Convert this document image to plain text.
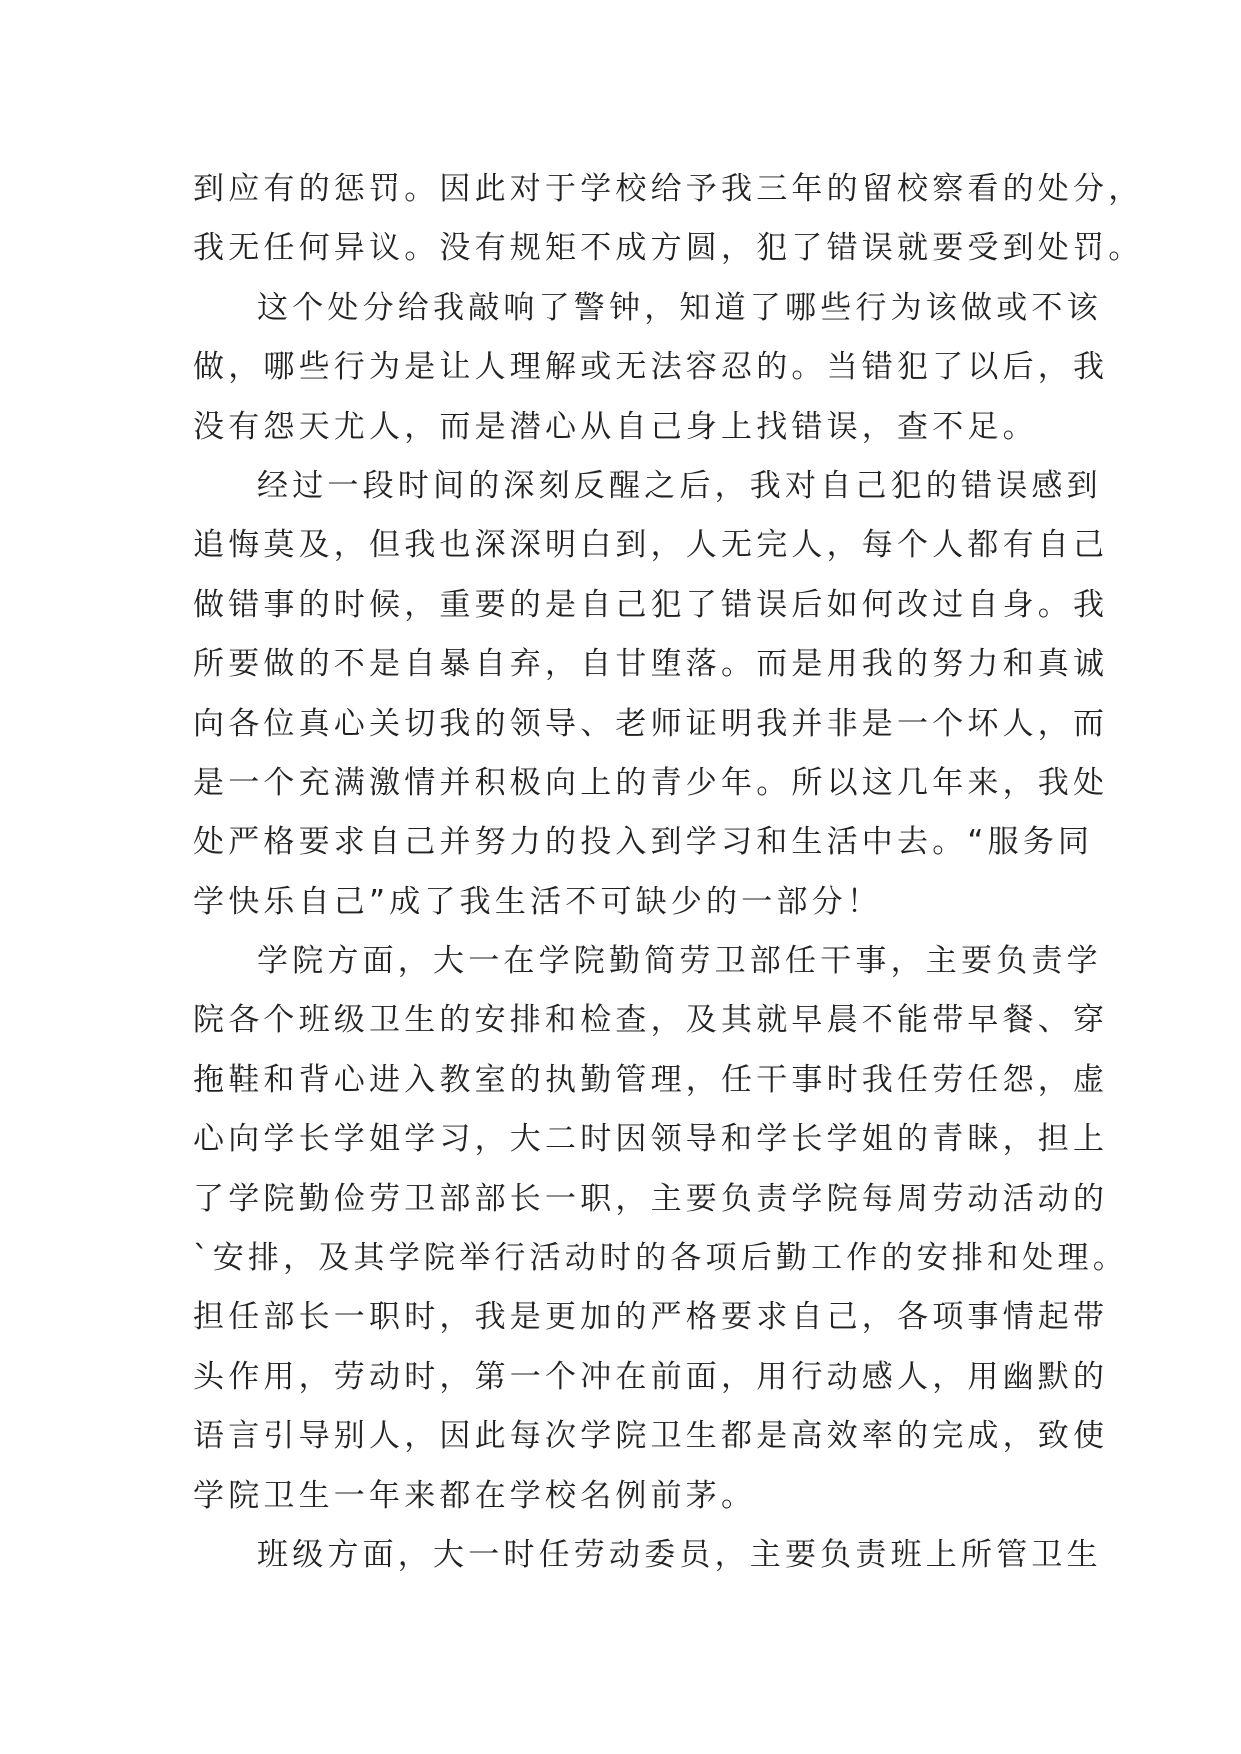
到应有的惩罚。因此对于学校给予我三年的留校察看的处分，
我无任何异议。没有规矩不成方圆，犯了错误就要受到处罚。
这个处分给我敲响了警钟，知道了哪些行为该做或不该
做，哪些行为是让人理解或无法容忍的。当错犯了以后，我
没有怨天尤人，而是潜心从自己身上找错误，查不足。
经过一段时间的深刻反醒之后，我对自己犯的错误感到
追悔莫及，但我也深深明白到，人无完人，每个人都有自己
做错事的时候，重要的是自己犯了错误后如何改过自身。我
所要做的不是自暴自弃，自甘堕落。而是用我的努力和真诚
向各位真心关切我的领导、老师证明我并非是一个坏人，而
是一个充满激情并积极向上的青少年。所以这几年来，我处
处严格要求自己并努力的投入到学习和生活中去。“服务同
学快乐自己”成了我生活不可缺少的一部分！
学院方面，大一在学院勤简劳卫部任干事，主要负责学
院各个班级卫生的安排和检查，及其就早晨不能带早餐、穿
拖鞋和背心进入教室的执勤管理，任干事时我任劳任怨，虚
心向学长学姐学习，大二时因领导和学长学姐的青睐，担上
了学院勤俭劳卫部部长一职，主要负责学院每周劳动活动的
`安排，及其学院举行活动时的各项后勤工作的安排和处理。
担任部长一职时，我是更加的严格要求自己，各项事情起带
头作用，劳动时，第一个冲在前面，用行动感人，用幽默的
语言引导别人，因此每次学院卫生都是高效率的完成，致使
学院卫生一年来都在学校名例前茅。
班级方面，大一时任劳动委员，主要负责班上所管卫生
